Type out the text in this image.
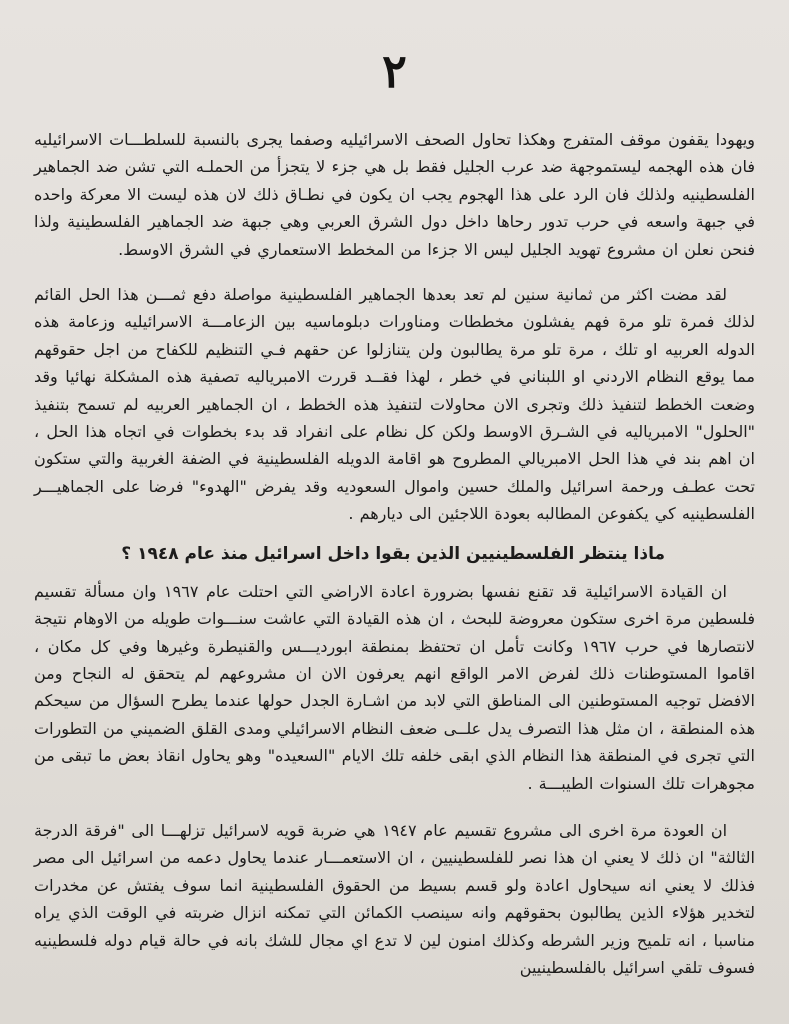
٢

ويهودا يقفون موقف المتفرج وهكذا تحاول الصحف الاسرائيليه وصفما يجرى بالنسبة للسلطـــات الاسرائيليه فان هذه الهجمه ليستموجهة ضد عرب الجليل فقط بل هي جزء لا يتجزأ من الحملـه التي تشن ضد الجماهير الفلسطينيه ولذلك فان الرد على هذا الهجوم يجب ان يكون في نطـاق ذلك لان هذه ليست الا معركة واحده في جبهة واسعه في حرب تدور رحاها داخل دول الشرق العربي وهي جبهة ضد الجماهير الفلسطينية ولذا فنحن نعلن ان مشروع تهويد الجليل ليس الا جزءا من المخطط الاستعماري في الشرق الاوسط.

لقد مضت اكثر من ثمانية سنين لم تعد بعدها الجماهير الفلسطينية مواصلة دفع ثمـــن هذا الحل القائم لذلك فمرة تلو مرة فهم يفشلون مخططات ومناورات دبلوماسيه بين الزعامـــة الاسرائيليه وزعامة هذه الدوله العربيه او تلك ، مرة تلو مرة يطالبون ولن يتنازلوا عن حقهم فـي التنظيم للكفاح من اجل حقوقهم مما يوقع النظام الاردني او اللبناني في خطر ، لهذا فقــد قررت الامبرياليه تصفية هذه المشكلة نهائيا وقد وضعت الخطط لتنفيذ ذلك وتجرى الان محاولات لتنفيذ هذه الخطط ، ان الجماهير العربيه لم تسمح بتنفيذ "الحلول" الامبرياليه في الشـرق الاوسط ولكن كل نظام على انفراد قد بدء بخطوات في اتجاه هذا الحل ، ان اهم بند في هذا الحل الامبريالي المطروح هو اقامة الدويله الفلسطينية في الضفة الغربية والتي ستكون تحت عطـف ورحمة اسرائيل والملك حسين واموال السعوديه وقد يفرض "الهدوء" فرضا على الجماهيـــر الفلسطينيه كي يكفوعن المطالبه بعودة اللاجئين الى ديارهم .

ماذا ينتظر الفلسطينيين الذين بقوا داخل اسرائيل منذ عام ١٩٤٨ ؟

ان القيادة الاسرائيلية قد تقنع نفسها بضرورة اعادة الاراضي التي احتلت عام ١٩٦٧ وان مسألة تقسيم فلسطين مرة اخرى ستكون معروضة للبحث ، ان هذه القيادة التي عاشت سنـــوات طويله من الاوهام نتيجة لانتصارها في حرب ١٩٦٧ وكانت تأمل ان تحتفظ بمنطقة ابوردیـــس والقنيطرة وغيرها وفي كل مكان ، اقاموا المستوطنات ذلك لفرض الامر الواقع انهم يعرفون الان ان مشروعهم لم يتحقق له النجاح ومن الافضل توجيه المستوطنين الى المناطق التي لابد من اشـارة الجدل حولها عندما يطرح السؤال من سيحكم هذه المنطقة ، ان مثل هذا التصرف يدل علــى ضعف النظام الاسرائيلي ومدى القلق الضميني من التطورات التي تجرى في المنطقة هذا النظام الذي ابقى خلفه تلك الايام "السعيده" وهو يحاول انقاذ بعض ما تبقى من مجوهرات تلك السنوات الطيبـــة .

ان العودة مرة اخرى الى مشروع تقسيم عام ١٩٤٧ هي ضربة قويه لاسرائيل تزلهـــا الى "فرقة الدرجة الثالثة" ان ذلك لا يعني ان هذا نصر للفلسطينيين ، ان الاستعمـــار عندما يحاول دعمه من اسرائيل الى مصر فذلك لا يعني انه سيحاول اعادة ولو قسم بسيط من الحقوق الفلسطينية انما سوف يفتش عن مخدرات لتخدير هؤلاء الذين يطالبون بحقوقهم وانه سينصب الكمائن التي تمكنه انزال ضربته في الوقت الذي يراه مناسبا ، انه تلميح وزير الشرطه وكذلك امنون لين لا تدع اي مجال للشك بانه في حالة قيام دوله فلسطينيه فسوف تلقي اسرائيل بالفلسطينيين
